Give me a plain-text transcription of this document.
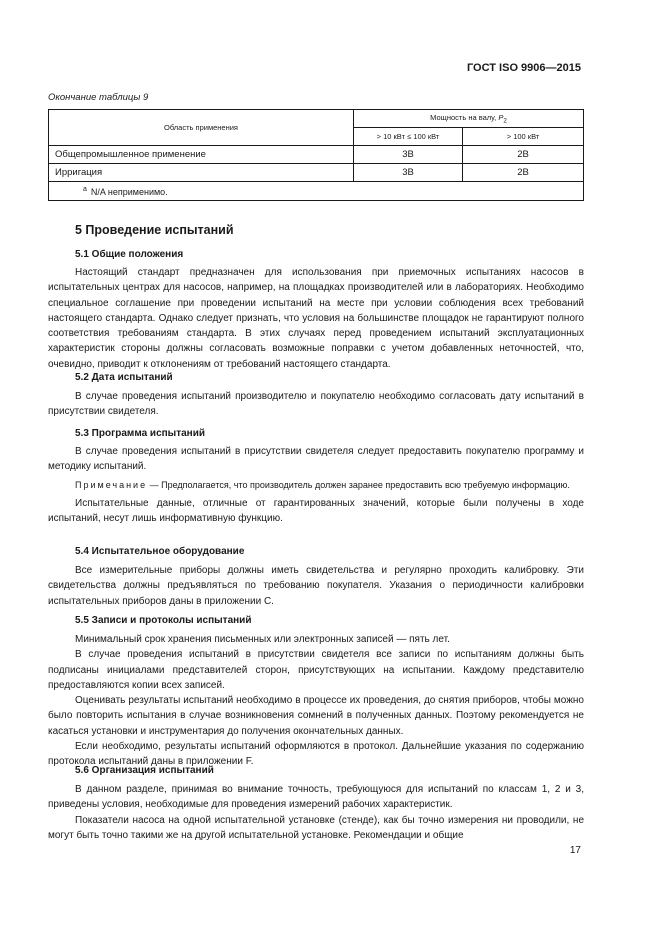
ГОСТ ISO 9906—2015
Окончание таблицы 9
Область применения	Мощность на валу, $P_2$
	> 10 кВт ≤ 100 кВт	> 100 кВт
Общепромышленное применение	3B	2B
Ирригация	3B	2B
$^a$ N/A неприменимо.		
5 Проведение испытаний
5.1 Общие положения

Настоящий стандарт предназначен для использования при приемочных испытаниях насосов в испытательных центрах для насосов, например, на площадках производителей или в лабораториях. Необходимо специальное соглашение при проведении испытаний на месте при условии соблюдения всех требований настоящего стандарта. Однако следует признать, что условия на большинстве площадок не гарантируют полного соответствия требованиям стандарта. В этих случаях перед проведением испытаний эксплуатационных характеристик стороны должны согласовать возможные поправки с учетом добавленных неточностей, что, очевидно, приводит к отклонениям от требований настоящего стандарта.

5.2 Дата испытаний

В случае проведения испытаний производителю и покупателю необходимо согласовать дату испытаний в присутствии свидетеля.

5.3 Программа испытаний

В случае проведения испытаний в присутствии свидетеля следует предоставить покупателю программу и методику испытаний.

Примечание — Предполагается, что производитель должен заранее предоставить всю требуемую информацию.

Испытательные данные, отличные от гарантированных значений, которые были получены в ходе испытаний, несут лишь информативную функцию.

5.4 Испытательное оборудование

Все измерительные приборы должны иметь свидетельства и регулярно проходить калибровку. Эти свидетельства должны предъявляться по требованию покупателя. Указания о периодичности калибровки испытательных приборов даны в приложении С.

5.5 Записи и протоколы испытаний

Минимальный срок хранения письменных или электронных записей — пять лет.

В случае проведения испытаний в присутствии свидетеля все записи по испытаниям должны быть подписаны инициалами представителей сторон, присутствующих на испытании. Каждому представителю предоставляются копии всех записей.

Оценивать результаты испытаний необходимо в процессе их проведения, до снятия приборов, чтобы можно было повторить испытания в случае возникновения сомнений в полученных данных. Поэтому рекомендуется не касаться установки и инструментария до получения окончательных данных.

Если необходимо, результаты испытаний оформляются в протокол. Дальнейшие указания по содержанию протокола испытаний даны в приложении F.

5.6 Организация испытаний

В данном разделе, принимая во внимание точность, требующуюся для испытаний по классам 1, 2 и 3, приведены условия, необходимые для проведения измерений рабочих характеристик.

Показатели насоса на одной испытательной установке (стенде), как бы точно измерения ни проводили, не могут быть точно такими же на другой испытательной установке. Рекомендации и общие

17
